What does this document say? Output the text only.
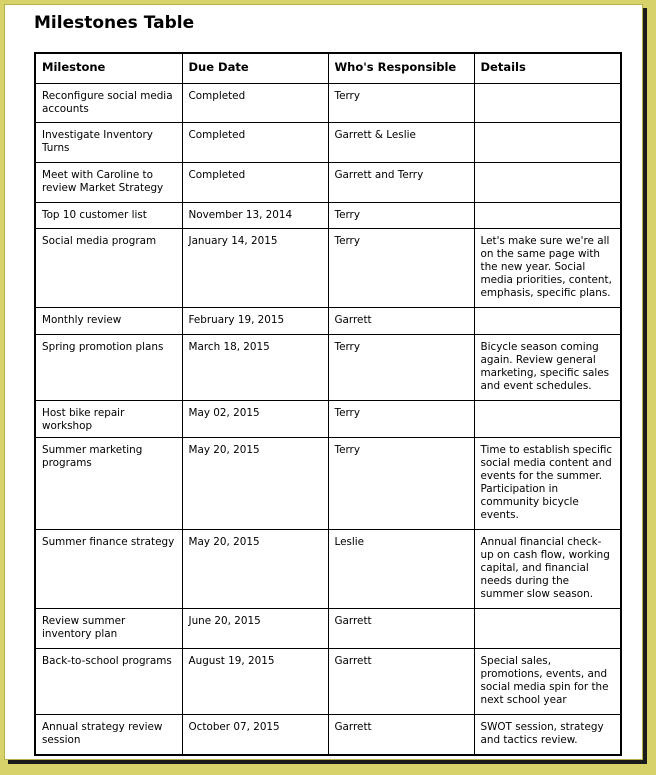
Milestones Table
Milestone	Due Date	Who's Responsible	Details
Reconfigure social media accounts	Completed	Terry	
Investigate Inventory Turns	Completed	Garrett & Leslie	
Meet with Caroline to review Market Strategy	Completed	Garrett and Terry	
Top 10 customer list	November 13, 2014	Terry	
Social media program	January 14, 2015	Terry	Let's make sure we're all on the same page with the new year. Social media priorities, content, emphasis, specific plans.
Monthly review	February 19, 2015	Garrett	
Spring promotion plans	March 18, 2015	Terry	Bicycle season coming again. Review general marketing, specific sales and event schedules.
Host bike repair workshop	May 02, 2015	Terry	
Summer marketing programs	May 20, 2015	Terry	Time to establish specific social media content and events for the summer. Participation in community bicycle events.
Summer finance strategy	May 20, 2015	Leslie	Annual financial check-up on cash flow, working capital, and financial needs during the summer slow season.
Review summer inventory plan	June 20, 2015	Garrett	
Back-to-school programs	August 19, 2015	Garrett	Special sales, promotions, events, and social media spin for the next school year
Annual strategy review session	October 07, 2015	Garrett	SWOT session, strategy and tactics review.
